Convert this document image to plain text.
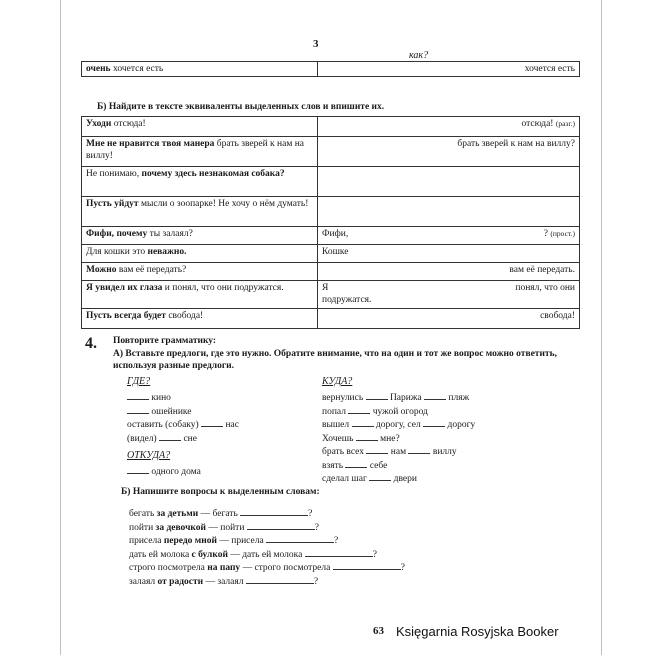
3
как?
очень хочется есть	хочется есть
Б) Найдите в тексте эквиваленты выделенных слов и впишите их.
Уходи отсюда!	отсюда! (разг.)
Мне не нравится твоя манера брать зверей к нам на виллу!	брать зверей к нам на виллу?
Не понимаю, почему здесь незнакомая собака?	
Пусть уйдут мысли о зоопарке! Не хочу о нём думать!	
Фифи, почему ты залаял?	Фифи, ? (прост.)

Для кошки это неважно.	Кошке

Можно вам её передать?	вам её передать.
Я увидел их глаза и понял, что они подружатся.	Я понял, что они
подружатся.

Пусть всегда будет свобода!	свобода!
4. Повторите грамматику:
А) Вставьте предлоги, где это нужно. Обратите внимание, что на один и тот же вопрос можно ответить, используя разные предлоги.
ГДЕ?
кино
ошейнике
оставить (собаку)  нас
(видел)  сне
ОТКУДА?
одного дома
КУДА?
вернулись  Парижа  пляж
попал  чужой огород
вышел  дорогу, сел  дорогу
Хочешь  мне?
брать всех  нам  виллу
взять  себе
сделал шаг  двери
Б) Напишите вопросы к выделенным словам:
бегать за детьми — бегать	?
пойти за девочкой — пойти	?
присела передо мной — присела	?
дать ей молока с булкой — дать ей молока	?
строго посмотрела на папу — строго посмотрела	?
залаял от радости — залаял	?
63 Księgarnia Rosyjska Booker
